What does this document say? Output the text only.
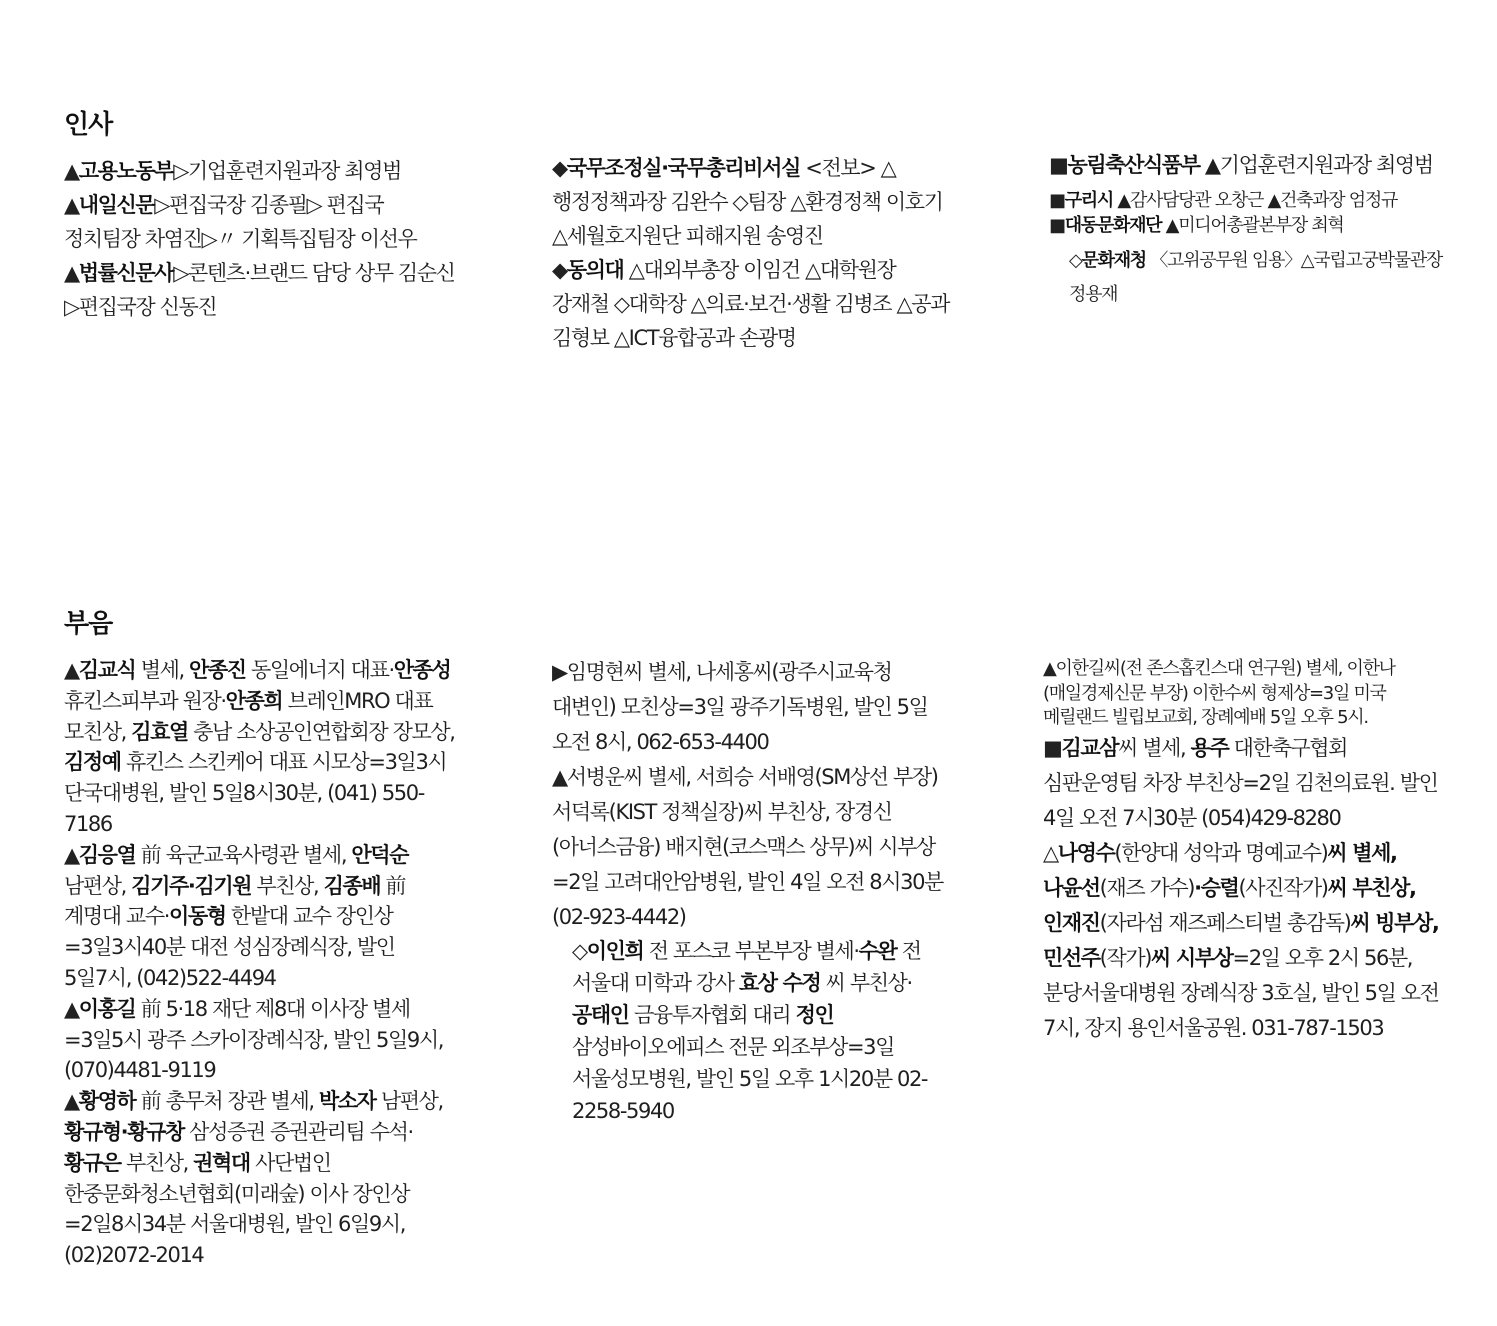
인사

▲고용노동부▷기업훈련지원과장 최영범

▲내일신문▷편집국장 김종필▷ 편집국 정치팀장 차염진▷〃 기획특집팀장 이선우

▲법률신문사▷콘텐츠·브랜드 담당 상무 김순신▷편집국장 신동진

◆국무조정실·국무총리비서실 <전보> △행정정책과장 김완수 ◇팀장 △환경정책 이호기 △세월호지원단 피해지원 송영진

◆동의대 △대외부총장 이임건 △대학원장 강재철 ◇대학장 △의료·보건·생활 김병조 △공과 김형보 △ICT융합공과 손광명

■농림축산식품부 ▲기업훈련지원과장 최영범

■구리시 ▲감사담당관 오창근 ▲건축과장 엄정규

■대동문화재단 ▲미디어총괄본부장 최혁

◇문화재청 〈고위공무원 임용〉△국립고궁박물관장 정용재

부음

▲김교식 별세, 안종진 동일에너지 대표·안종성 휴킨스피부과 원장·안종희 브레인MRO 대표 모친상, 김효열 충남 소상공인연합회장 장모상, 김정예 휴킨스 스킨케어 대표 시모상=3일3시 단국대병원, 발인 5일8시30분, (041) 550-7186

▲김응열 前 육군교육사령관 별세, 안덕순 남편상, 김기주·김기원 부친상, 김종배 前 계명대 교수·이동형 한밭대 교수 장인상=3일3시40분 대전 성심장례식장, 발인 5일7시, (042)522-4494

▲이홍길 前 5·18 재단 제8대 이사장 별세=3일5시 광주 스카이장례식장, 발인 5일9시, (070)4481-9119

▲황영하 前 총무처 장관 별세, 박소자 남편상, 황규형·황규창 삼성증권 증권관리팀 수석·황규은 부친상, 권혁대 사단법인 한중문화청소년협회(미래숲) 이사 장인상=2일8시34분 서울대병원, 발인 6일9시, (02)2072-2014

▶임명현씨 별세, 나세홍씨(광주시교육청 대변인) 모친상=3일 광주기독병원, 발인 5일 오전 8시, 062-653-4400

▲서병운씨 별세, 서희승 서배영(SM상선 부장) 서덕록(KIST 정책실장)씨 부친상, 장경신(아너스금융) 배지현(코스맥스 상무)씨 시부상=2일 고려대안암병원, 발인 4일 오전 8시30분(02-923-4442)

◇이인희 전 포스코 부본부장 별세·수완 전 서울대 미학과 강사 효상 수정 씨 부친상·공태인 금융투자협회 대리 정인 삼성바이오에피스 전문 외조부상=3일 서울성모병원, 발인 5일 오후 1시20분 02-2258-5940

▲이한길씨(전 존스홉킨스대 연구원) 별세, 이한나(매일경제신문 부장) 이한수씨 형제상=3일 미국 메릴랜드 빌립보교회, 장례예배 5일 오후 5시.

■김교삼씨 별세, 용주 대한축구협회 심판운영팀 차장 부친상=2일 김천의료원. 발인 4일 오전 7시30분 (054)429-8280

△나영수(한양대 성악과 명예교수)씨 별세, 나윤선(재즈 가수)·승렬(사진작가)씨 부친상, 인재진(자라섬 재즈페스티벌 총감독)씨 빙부상, 민선주(작가)씨 시부상=2일 오후 2시 56분, 분당서울대병원 장례식장 3호실, 발인 5일 오전 7시, 장지 용인서울공원. 031-787-1503
